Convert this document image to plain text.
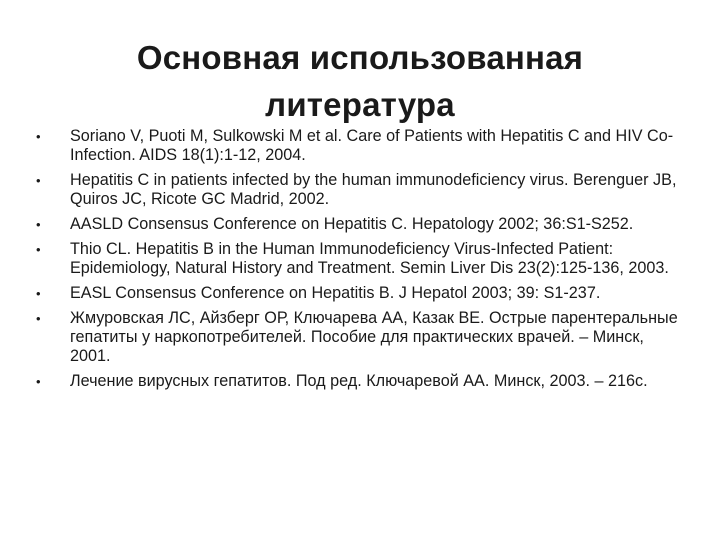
Основная использованная
литература
• Soriano V, Puoti M, Sulkowski M et al. Care of Patients with Hepatitis C and HIV Co-Infection. AIDS 18(1):1-12, 2004.
• Hepatitis C in patients infected by the human immunodeficiency virus. Berenguer JB, Quiros JC, Ricote GC Madrid, 2002.
• AASLD Consensus Conference on Hepatitis C. Hepatology 2002; 36:S1-S252.
• Thio CL. Hepatitis B in the Human Immunodeficiency Virus-Infected Patient: Epidemiology, Natural History and Treatment. Semin Liver Dis 23(2):125-136, 2003.
• EASL Consensus Conference on Hepatitis B. J Hepatol 2003; 39: S1-237.
• Жмуровская ЛС, Айзберг ОР, Ключарева АА, Казак ВЕ. Острые парентеральные гепатиты у наркопотребителей. Пособие для практических врачей. – Минск, 2001.
• Лечение вирусных гепатитов. Под ред. Ключаревой АА. Минск, 2003. – 216с.
